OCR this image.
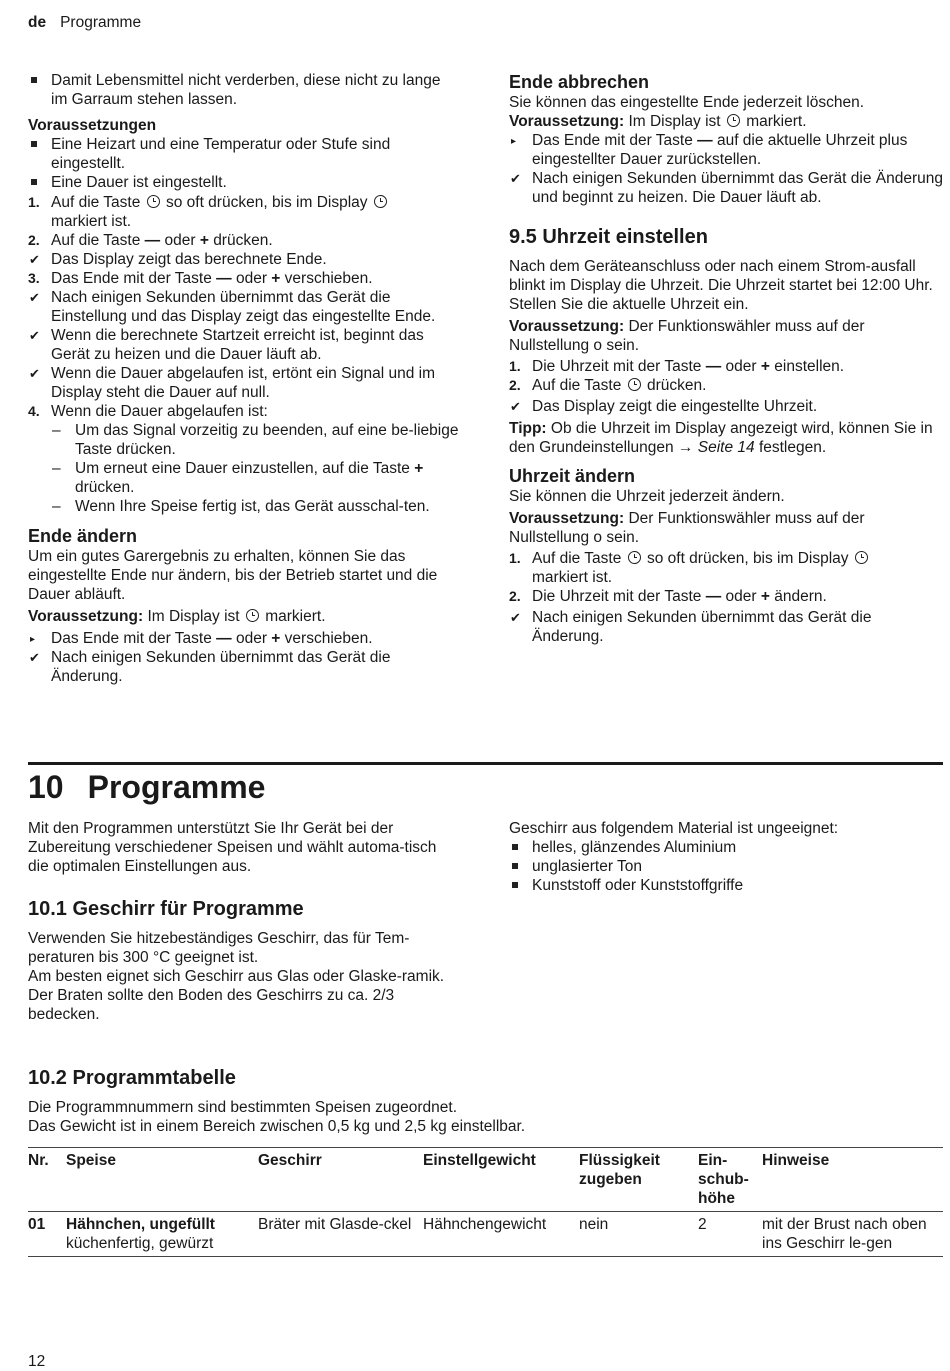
de Programme

Damit Lebensmittel nicht verderben, diese nicht zu lange im Garraum stehen lassen.

Voraussetzungen

Eine Heizart und eine Temperatur oder Stufe sind eingestellt.

Eine Dauer ist eingestellt.

1. Auf die Taste so oft drücken, bis im Display
markiert ist.

2. Auf die Taste — oder + drücken.

✔ Das Display zeigt das berechnete Ende.

3. Das Ende mit der Taste — oder + verschieben.

✔ Nach einigen Sekunden übernimmt das Gerät die Einstellung und das Display zeigt das eingestellte Ende.

✔ Wenn die berechnete Startzeit erreicht ist, beginnt das Gerät zu heizen und die Dauer läuft ab.

✔ Wenn die Dauer abgelaufen ist, ertönt ein Signal und im Display steht die Dauer auf null.

4. Wenn die Dauer abgelaufen ist:

– Um das Signal vorzeitig zu beenden, auf eine be-liebige Taste drücken.

– Um erneut eine Dauer einzustellen, auf die Taste + drücken.

– Wenn Ihre Speise fertig ist, das Gerät ausschal-ten.

Ende ändern

Um ein gutes Garergebnis zu erhalten, können Sie das eingestellte Ende nur ändern, bis der Betrieb startet und die Dauer abläuft.

Voraussetzung: Im Display ist markiert.

▸ Das Ende mit der Taste — oder + verschieben.

✔ Nach einigen Sekunden übernimmt das Gerät die Änderung.

Ende abbrechen

Sie können das eingestellte Ende jederzeit löschen.

Voraussetzung: Im Display ist markiert.

▸ Das Ende mit der Taste — auf die aktuelle Uhrzeit plus eingestellter Dauer zurückstellen.

✔ Nach einigen Sekunden übernimmt das Gerät die Änderung und beginnt zu heizen. Die Dauer läuft ab.

9.5 Uhrzeit einstellen

Nach dem Geräteanschluss oder nach einem Strom-ausfall blinkt im Display die Uhrzeit. Die Uhrzeit startet bei 12:00 Uhr. Stellen Sie die aktuelle Uhrzeit ein.

Voraussetzung: Der Funktionswähler muss auf der Nullstellung o sein.

1. Die Uhrzeit mit der Taste — oder + einstellen.

2. Auf die Taste drücken.

✔ Das Display zeigt die eingestellte Uhrzeit.

Tipp: Ob die Uhrzeit im Display angezeigt wird, können Sie in den Grundeinstellungen → Seite 14 festlegen.

Uhrzeit ändern

Sie können die Uhrzeit jederzeit ändern.

Voraussetzung: Der Funktionswähler muss auf der Nullstellung o sein.

1. Auf die Taste so oft drücken, bis im Display
markiert ist.

2. Die Uhrzeit mit der Taste — oder + ändern.

✔ Nach einigen Sekunden übernimmt das Gerät die Änderung.

10 Programme

Mit den Programmen unterstützt Sie Ihr Gerät bei der Zubereitung verschiedener Speisen und wählt automa-tisch die optimalen Einstellungen aus.

10.1 Geschirr für Programme

Verwenden Sie hitzebeständiges Geschirr, das für Tem-peraturen bis 300 °C geeignet ist.

Am besten eignet sich Geschirr aus Glas oder Glaske-ramik. Der Braten sollte den Boden des Geschirrs zu ca. 2/3 bedecken.

Geschirr aus folgendem Material ist ungeeignet:

helles, glänzendes Aluminium

unglasierter Ton

Kunststoff oder Kunststoffgriffe

10.2 Programmtabelle

Die Programmnummern sind bestimmten Speisen zugeordnet.

Das Gewicht ist in einem Bereich zwischen 0,5 kg und 2,5 kg einstellbar.

Nr.	Speise	Geschirr	Einstellgewicht	Flüssigkeit zugeben	Ein-schub-höhe	Hinweise
01	Hähnchen, ungefüllt
küchenfertig, gewürzt	Bräter mit Glasde-ckel	Hähnchengewicht	nein	2	mit der Brust nach oben ins Geschirr le-gen
12
